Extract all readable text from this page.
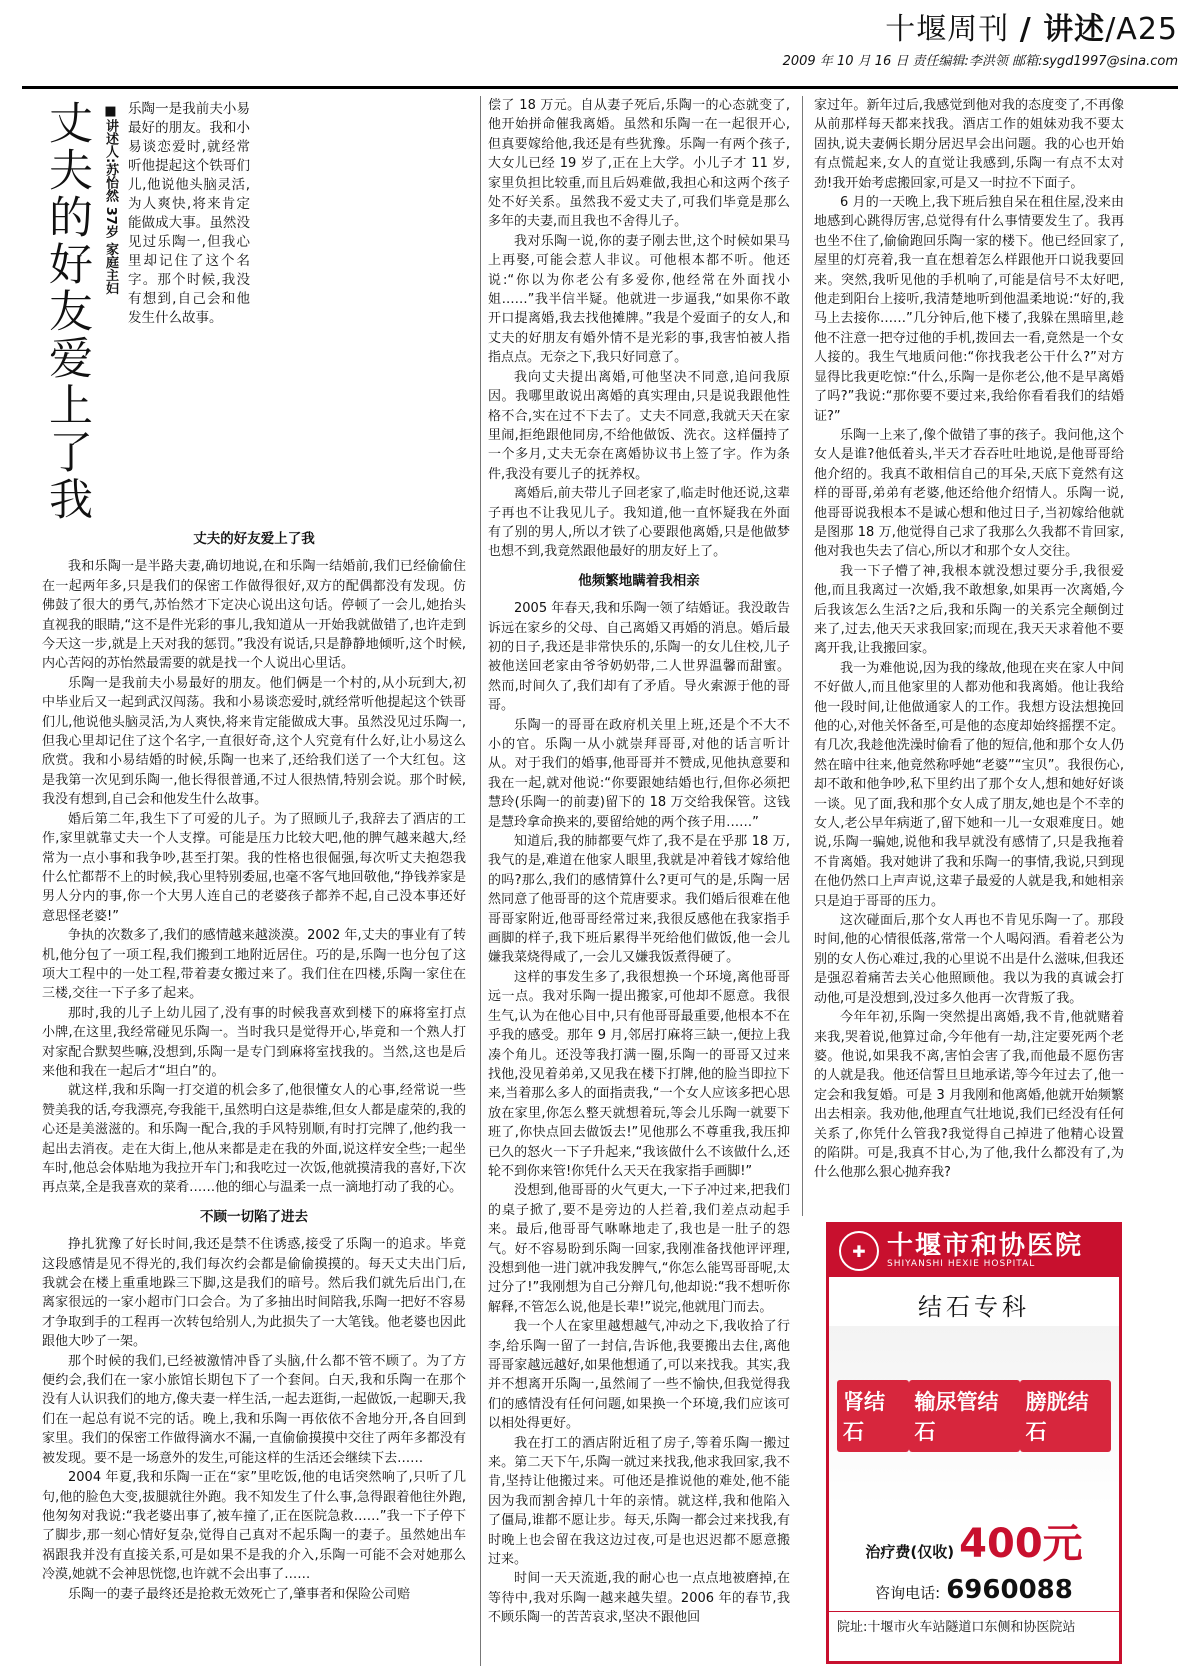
十堰周刊 / 讲述/A25
2009 年 10 月 16 日 责任编辑:李洪领 邮箱:sygd1997@sina.com
丈夫的好友爱上了我 ■讲述人:苏怡然 37岁 家庭主妇 乐陶一是我前夫小易最好的朋友。我和小易谈恋爱时,就经常听他提起这个铁哥们儿,他说他头脑灵活,为人爽快,将来肯定能做成大事。虽然没见过乐陶一,但我心里却记住了这个名字。那个时候,我没有想到,自己会和他发生什么故事。
丈夫的好友爱上了我

我和乐陶一是半路夫妻,确切地说,在和乐陶一结婚前,我们已经偷偷住在一起两年多,只是我们的保密工作做得很好,双方的配偶都没有发现。仿佛鼓了很大的勇气,苏怡然才下定决心说出这句话。停顿了一会儿,她抬头直视我的眼睛,“这不是件光彩的事儿,我知道从一开始我就做错了,也许走到今天这一步,就是上天对我的惩罚。”我没有说话,只是静静地倾听,这个时候,内心苦闷的苏怡然最需要的就是找一个人说出心里话。

乐陶一是我前夫小易最好的朋友。他们俩是一个村的,从小玩到大,初中毕业后又一起到武汉闯荡。我和小易谈恋爱时,就经常听他提起这个铁哥们儿,他说他头脑灵活,为人爽快,将来肯定能做成大事。虽然没见过乐陶一,但我心里却记住了这个名字,一直很好奇,这个人究竟有什么好,让小易这么欣赏。我和小易结婚的时候,乐陶一也来了,还给我们送了一个大红包。这是我第一次见到乐陶一,他长得很普通,不过人很热情,特别会说。那个时候,我没有想到,自己会和他发生什么故事。

婚后第二年,我生下了可爱的儿子。为了照顾儿子,我辞去了酒店的工作,家里就靠丈夫一个人支撑。可能是压力比较大吧,他的脾气越来越大,经常为一点小事和我争吵,甚至打架。我的性格也很倔强,每次听丈夫抱怨我什么忙都帮不上的时候,我心里特别委屈,也毫不客气地回敬他,“挣钱养家是男人分内的事,你一个大男人连自己的老婆孩子都养不起,自己没本事还好意思怪老婆!”

争执的次数多了,我们的感情越来越淡漠。2002 年,丈夫的事业有了转机,他分包了一项工程,我们搬到工地附近居住。巧的是,乐陶一也分包了这项大工程中的一处工程,带着妻女搬过来了。我们住在四楼,乐陶一家住在三楼,交往一下子多了起来。

那时,我的儿子上幼儿园了,没有事的时候我喜欢到楼下的麻将室打点小牌,在这里,我经常碰见乐陶一。当时我只是觉得开心,毕竟和一个熟人打对家配合默契些嘛,没想到,乐陶一是专门到麻将室找我的。当然,这也是后来他和我在一起后才“坦白”的。

就这样,我和乐陶一打交道的机会多了,他很懂女人的心事,经常说一些赞美我的话,夸我漂亮,夸我能干,虽然明白这是恭维,但女人都是虚荣的,我的心还是美滋滋的。和乐陶一配合,我的手风特别顺,有时打完牌了,他约我一起出去消夜。走在大街上,他从来都是走在我的外面,说这样安全些;一起坐车时,他总会体贴地为我拉开车门;和我吃过一次饭,他就摸清我的喜好,下次再点菜,全是我喜欢的菜肴……他的细心与温柔一点一滴地打动了我的心。

不顾一切陷了进去

挣扎犹豫了好长时间,我还是禁不住诱惑,接受了乐陶一的追求。毕竟这段感情是见不得光的,我们每次约会都是偷偷摸摸的。每天丈夫出门后,我就会在楼上重重地跺三下脚,这是我们的暗号。然后我们就先后出门,在离家很远的一家小超市门口会合。为了多抽出时间陪我,乐陶一把好不容易才争取到手的工程再一次转包给别人,为此损失了一大笔钱。他老婆也因此跟他大吵了一架。

那个时候的我们,已经被激情冲昏了头脑,什么都不管不顾了。为了方便约会,我们在一家小旅馆长期包下了一个套间。白天,我和乐陶一在那个没有人认识我们的地方,像夫妻一样生活,一起去逛街,一起做饭,一起聊天,我们在一起总有说不完的话。晚上,我和乐陶一再依依不舍地分开,各自回到家里。我们的保密工作做得滴水不漏,一直偷偷摸摸中交往了两年多都没有被发现。要不是一场意外的发生,可能这样的生活还会继续下去……

2004 年夏,我和乐陶一正在“家”里吃饭,他的电话突然响了,只听了几句,他的脸色大变,拔腿就往外跑。我不知发生了什么事,急得跟着他往外跑,他匆匆对我说:“我老婆出事了,被车撞了,正在医院急救……”我一下子停下了脚步,那一刻心情好复杂,觉得自己真对不起乐陶一的妻子。虽然她出车祸跟我并没有直接关系,可是如果不是我的介入,乐陶一可能不会对她那么冷漠,她就不会神思恍惚,也许就不会出事了……

乐陶一的妻子最终还是抢救无效死亡了,肇事者和保险公司赔

偿了 18 万元。自从妻子死后,乐陶一的心态就变了,他开始拼命催我离婚。虽然和乐陶一在一起很开心,但真要嫁给他,我还是有些犹豫。乐陶一有两个孩子,大女儿已经 19 岁了,正在上大学。小儿子才 11 岁,家里负担比较重,而且后妈难做,我担心和这两个孩子处不好关系。虽然我不爱丈夫了,可我们毕竟是那么多年的夫妻,而且我也不舍得儿子。

我对乐陶一说,你的妻子刚去世,这个时候如果马上再娶,可能会惹人非议。可他根本都不听。他还说:“你以为你老公有多爱你,他经常在外面找小姐……”我半信半疑。他就进一步逼我,“如果你不敢开口提离婚,我去找他摊牌。”我是个爱面子的女人,和丈夫的好朋友有婚外情不是光彩的事,我害怕被人指指点点。无奈之下,我只好同意了。

我向丈夫提出离婚,可他坚决不同意,追问我原因。我哪里敢说出离婚的真实理由,只是说我跟他性格不合,实在过不下去了。丈夫不同意,我就天天在家里闹,拒绝跟他同房,不给他做饭、洗衣。这样僵持了一个多月,丈夫无奈在离婚协议书上签了字。作为条件,我没有要儿子的抚养权。

离婚后,前夫带儿子回老家了,临走时他还说,这辈子再也不让我见儿子。我知道,他一直怀疑我在外面有了别的男人,所以才铁了心要跟他离婚,只是他做梦也想不到,我竟然跟他最好的朋友好上了。

他频繁地瞒着我相亲

2005 年春天,我和乐陶一领了结婚证。我没敢告诉远在家乡的父母、自己离婚又再婚的消息。婚后最初的日子,我还是非常快乐的,乐陶一的女儿住校,儿子被他送回老家由爷爷奶奶带,二人世界温馨而甜蜜。然而,时间久了,我们却有了矛盾。导火索源于他的哥哥。

乐陶一的哥哥在政府机关里上班,还是个不大不小的官。乐陶一从小就崇拜哥哥,对他的话言听计从。对于我们的婚事,他哥哥并不赞成,见他执意要和我在一起,就对他说:“你要跟她结婚也行,但你必须把慧玲(乐陶一的前妻)留下的 18 万交给我保管。这钱是慧玲拿命换来的,要留给她的两个孩子用……”

知道后,我的肺都要气炸了,我不是在乎那 18 万,我气的是,难道在他家人眼里,我就是冲着钱才嫁给他的吗?那么,我们的感情算什么?更可气的是,乐陶一居然同意了他哥哥的这个荒唐要求。我们婚后很难在他哥哥家附近,他哥哥经常过来,我很反感他在我家指手画脚的样子,我下班后累得半死给他们做饭,他一会儿嫌我菜烧得咸了,一会儿又嫌我饭煮得硬了。

这样的事发生多了,我很想换一个环境,离他哥哥远一点。我对乐陶一提出搬家,可他却不愿意。我很生气,认为在他心目中,只有他哥哥最重要,他根本不在乎我的感受。那年 9 月,邻居打麻将三缺一,便拉上我凑个角儿。还没等我打满一圈,乐陶一的哥哥又过来找他,没见着弟弟,又见我在楼下打牌,他的脸当即拉下来,当着那么多人的面指责我,“一个女人应该多把心思放在家里,你怎么整天就想着玩,等会儿乐陶一就要下班了,你快点回去做饭去!”见他那么不尊重我,我压抑已久的怒火一下子升起来,“我该做什么不该做什么,还轮不到你来管!你凭什么天天在我家指手画脚!”

没想到,他哥哥的火气更大,一下子冲过来,把我们的桌子掀了,要不是旁边的人拦着,我们差点动起手来。最后,他哥哥气咻咻地走了,我也是一肚子的怨气。好不容易盼到乐陶一回家,我刚准备找他评评理,没想到他一进门就冲我发脾气,“你怎么能骂哥哥呢,太过分了!”我刚想为自己分辩几句,他却说:“我不想听你解释,不管怎么说,他是长辈!”说完,他就甩门而去。

我一个人在家里越想越气,冲动之下,我收拾了行李,给乐陶一留了一封信,告诉他,我要搬出去住,离他哥哥家越远越好,如果他想通了,可以来找我。其实,我并不想离开乐陶一,虽然闹了一些不愉快,但我觉得我们的感情没有任何问题,如果换一个环境,我们应该可以相处得更好。

我在打工的酒店附近租了房子,等着乐陶一搬过来。第二天下午,乐陶一就过来找我,他求我回家,我不肯,坚持让他搬过来。可他还是推说他的难处,他不能因为我而割舍掉几十年的亲情。就这样,我和他陷入了僵局,谁都不愿让步。每天,乐陶一都会过来找我,有时晚上也会留在我这边过夜,可是也迟迟都不愿意搬过来。

时间一天天流逝,我的耐心也一点点地被磨掉,在等待中,我对乐陶一越来越失望。2006 年的春节,我不顾乐陶一的苦苦哀求,坚决不跟他回

家过年。新年过后,我感觉到他对我的态度变了,不再像从前那样每天都来找我。酒店工作的姐妹劝我不要太固执,说夫妻俩长期分居迟早会出问题。我的心也开始有点慌起来,女人的直觉让我感到,乐陶一有点不太对劲!我开始考虑搬回家,可是又一时拉不下面子。

6 月的一天晚上,我下班后独自呆在租住屋,没来由地感到心跳得厉害,总觉得有什么事情要发生了。我再也坐不住了,偷偷跑回乐陶一家的楼下。他已经回家了,屋里的灯亮着,我一直在想着怎么样跟他开口说我要回来。突然,我听见他的手机响了,可能是信号不太好吧,他走到阳台上接听,我清楚地听到他温柔地说:“好的,我马上去接你……”几分钟后,他下楼了,我躲在黑暗里,趁他不注意一把夺过他的手机,拨回去一看,竟然是一个女人接的。我生气地质问他:“你找我老公干什么?”对方显得比我更吃惊:“什么,乐陶一是你老公,他不是早离婚了吗?”我说:“那你要不要过来,我给你看看我们的结婚证?”

乐陶一上来了,像个做错了事的孩子。我问他,这个女人是谁?他低着头,半天才吞吞吐吐地说,是他哥哥给他介绍的。我真不敢相信自己的耳朵,天底下竟然有这样的哥哥,弟弟有老婆,他还给他介绍情人。乐陶一说,他哥哥说我根本不是诚心想和他过日子,当初嫁给他就是图那 18 万,他觉得自己求了我那么久我都不肯回家,他对我也失去了信心,所以才和那个女人交往。

我一下子懵了神,我根本就没想过要分手,我很爱他,而且我离过一次婚,我不敢想象,如果再一次离婚,今后我该怎么生活?之后,我和乐陶一的关系完全颠倒过来了,过去,他天天求我回家;而现在,我天天求着他不要离开我,让我搬回家。

我一为难他说,因为我的缘故,他现在夹在家人中间不好做人,而且他家里的人都劝他和我离婚。他让我给他一段时间,让他做通家人的工作。我想方设法想挽回他的心,对他关怀备至,可是他的态度却始终摇摆不定。有几次,我趁他洗澡时偷看了他的短信,他和那个女人仍然在暗中往来,他竟然称呼她“老婆”“宝贝”。我很伤心,却不敢和他争吵,私下里约出了那个女人,想和她好好谈一谈。见了面,我和那个女人成了朋友,她也是个不幸的女人,老公早年病逝了,留下她和一儿一女艰难度日。她说,乐陶一骗她,说他和我早就没有感情了,只是我拖着不肯离婚。我对她讲了我和乐陶一的事情,我说,只到现在他仍然口上声声说,这辈子最爱的人就是我,和她相亲只是迫于哥哥的压力。

这次碰面后,那个女人再也不肯见乐陶一了。那段时间,他的心情很低落,常常一个人喝闷酒。看着老公为别的女人伤心难过,我的心里说不出是什么滋味,但我还是强忍着痛苦去关心他照顾他。我以为我的真诚会打动他,可是没想到,没过多久他再一次背叛了我。

今年年初,乐陶一突然提出离婚,我不肯,他就赌着来我,哭着说,他算过命,今年他有一劫,注定要死两个老婆。他说,如果我不离,害怕会害了我,而他最不愿伤害的人就是我。他还信誓旦旦地承诺,等今年过去了,他一定会和我复婚。可是 3 月我刚和他离婚,他就开始频繁出去相亲。我劝他,他理直气壮地说,我们已经没有任何关系了,你凭什么管我?我觉得自己掉进了他精心设置的陷阱。可是,我真不甘心,为了他,我什么都没有了,为什么他那么狠心抛弃我?

✚ 十堰市和协医院
SHIYANSHI HEXIE HOSPITAL
结石专科
肾结石
输尿管结石
膀胱结石
治疗费(仅收) 400元
咨询电话: 6960088
院址:十堰市火车站隧道口东侧和协医院站
